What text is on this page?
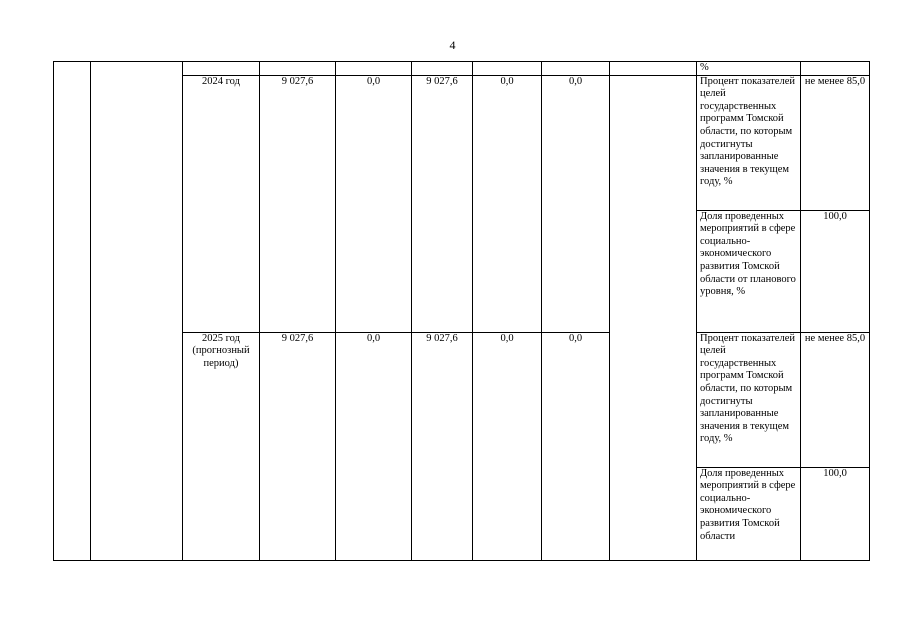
4
									%	
		2024 год	9 027,6	0,0	9 027,6	0,0	0,0		Процент показателей целей государственных программ Томской области, по которым достигнуты запланированные значения в текущем году, %	не менее 85,0
									Доля проведенных мероприятий в сфере социально-экономического развития Томской области от планового уровня, %	100,0
		2025 год (прогнозный период)	9 027,6	0,0	9 027,6	0,0	0,0		Процент показателей целей государственных программ Томской области, по которым достигнуты запланированные значения в текущем году, %	не менее 85,0
									Доля проведенных мероприятий в сфере социально-экономического развития Томской области	100,0
